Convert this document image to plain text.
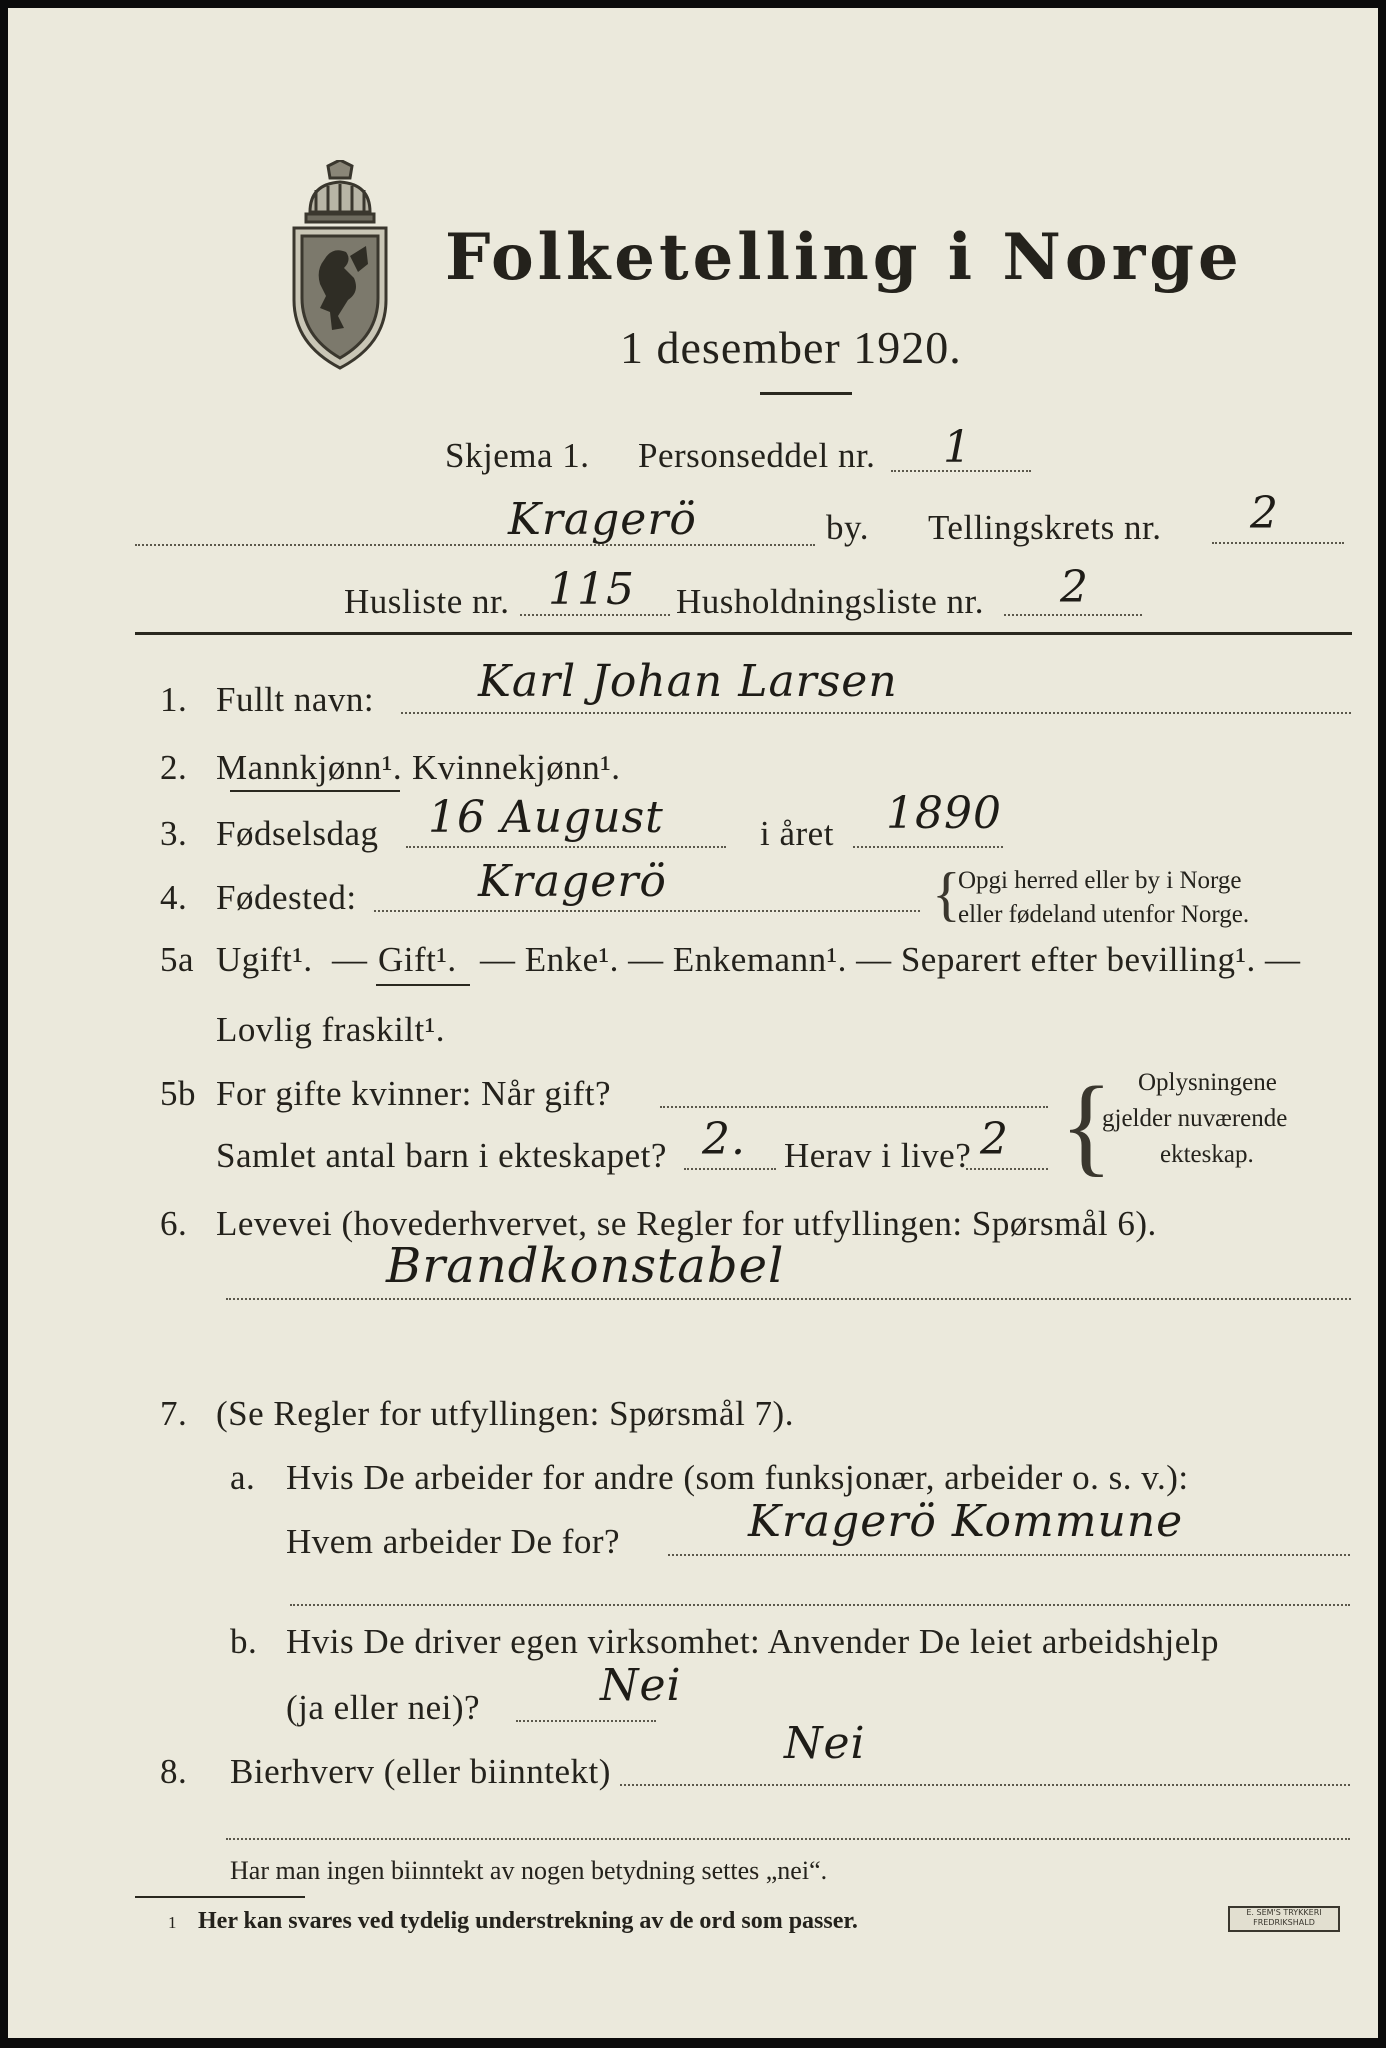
Folketelling i Norge
1 desember 1920.
Skjema 1. Personseddel nr. 1
Kragerö	by. Tellingskrets nr. 2
Husliste nr. 115 Husholdningsliste nr. 2
1. Fullt navn: Karl Johan Larsen
2. Mannkjønn¹. Kvinnekjønn¹.
3. Fødselsdag 16 August	i året 1890
4. Fødested:	Kragerö	{
Opgi herred eller by i Norge
eller fødeland utenfor Norge.
5a Ugift¹. — Gift¹. — Enke¹. — Enkemann¹. — Separert efter bevilling¹. —
Lovlig fraskilt¹.
5b For gifte kvinner: Når gift?
Samlet antal barn i ekteskapet? 2. Herav i live? 2 { Oplysningene
gjelder nuværende
ekteskap.
6. Levevei (hovederhvervet, se Regler for utfyllingen: Spørsmål 6).
Brandkonstabel
7. (Se Regler for utfyllingen: Spørsmål 7).
a. Hvis De arbeider for andre (som funksjonær, arbeider o. s. v.):
Hvem arbeider De for?	Kragerö Kommune
b. Hvis De driver egen virksomhet: Anvender De leiet arbeidshjelp
(ja eller nei)?	Nei
8. Bierhverv (eller biinntekt)
Nei
Har man ingen biinntekt av nogen betydning settes „nei“.
1 Her kan svares ved tydelig understrekning av de ord som passer.	E. SEM'S TRYKKERI
FREDRIKSHALD
